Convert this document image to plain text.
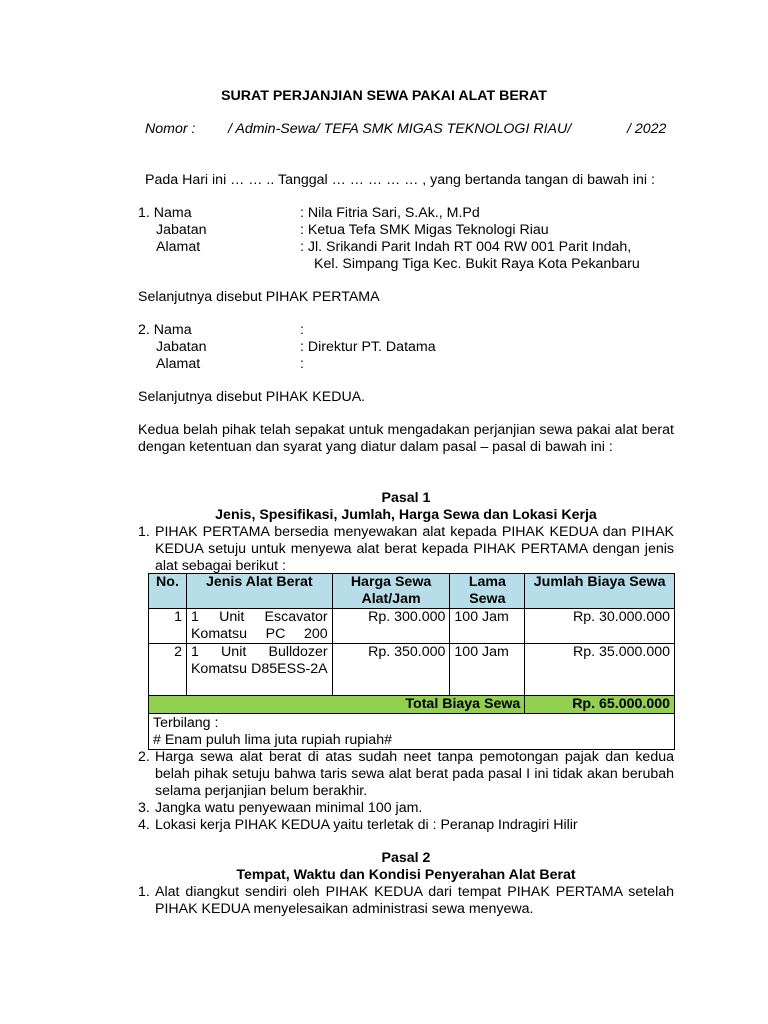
SURAT PERJANJIAN SEWA PAKAI ALAT BERAT
Nomor : / Admin-Sewa/ TEFA SMK MIGAS TEKNOLOGI RIAU/	/ 2022
Pada Hari ini … … .. Tanggal … … … … … , yang bertanda tangan di bawah ini :
1. Nama	: Nila Fitria Sari, S.Ak., M.Pd
Jabatan	: Ketua Tefa SMK Migas Teknologi Riau
Alamat	: Jl. Srikandi Parit Indah RT 004 RW 001 Parit Indah,
Kel. Simpang Tiga Kec. Bukit Raya Kota Pekanbaru
Selanjutnya disebut PIHAK PERTAMA
2. Nama	:
Jabatan	: Direktur PT. Datama
Alamat	:
Selanjutnya disebut PIHAK KEDUA.
Kedua belah pihak telah sepakat untuk mengadakan perjanjian sewa pakai alat berat dengan ketentuan dan syarat yang diatur dalam pasal – pasal di bawah ini :
Pasal 1
Jenis, Spesifikasi, Jumlah, Harga Sewa dan Lokasi Kerja
1. PIHAK PERTAMA bersedia menyewakan alat kepada PIHAK KEDUA dan PIHAK KEDUA setuju untuk menyewa alat berat kepada PIHAK PERTAMA dengan jenis alat sebagai berikut :
No.	Jenis Alat Berat	Harga Sewa Alat/Jam	Lama Sewa	Jumlah Biaya Sewa
1	1 Unit Escavator Komatsu PC 200	Rp. 300.000	100 Jam	Rp. 30.000.000
2	1 Unit Bulldozer Komatsu D85ESS-2A	Rp. 350.000	100 Jam	Rp. 35.000.000
Total Biaya Sewa				Rp. 65.000.000

Terbilang :
# Enam puluh lima juta rupiah rupiah#				
2. Harga sewa alat berat di atas sudah neet tanpa pemotongan pajak dan kedua belah pihak setuju bahwa taris sewa alat berat pada pasal I ini tidak akan berubah selama perjanjian belum berakhir.
3. Jangka watu penyewaan minimal 100 jam.
4. Lokasi kerja PIHAK KEDUA yaitu terletak di : Peranap Indragiri Hilir
Pasal 2
Tempat, Waktu dan Kondisi Penyerahan Alat Berat
1. Alat diangkut sendiri oleh PIHAK KEDUA dari tempat PIHAK PERTAMA setelah PIHAK KEDUA menyelesaikan administrasi sewa menyewa.
